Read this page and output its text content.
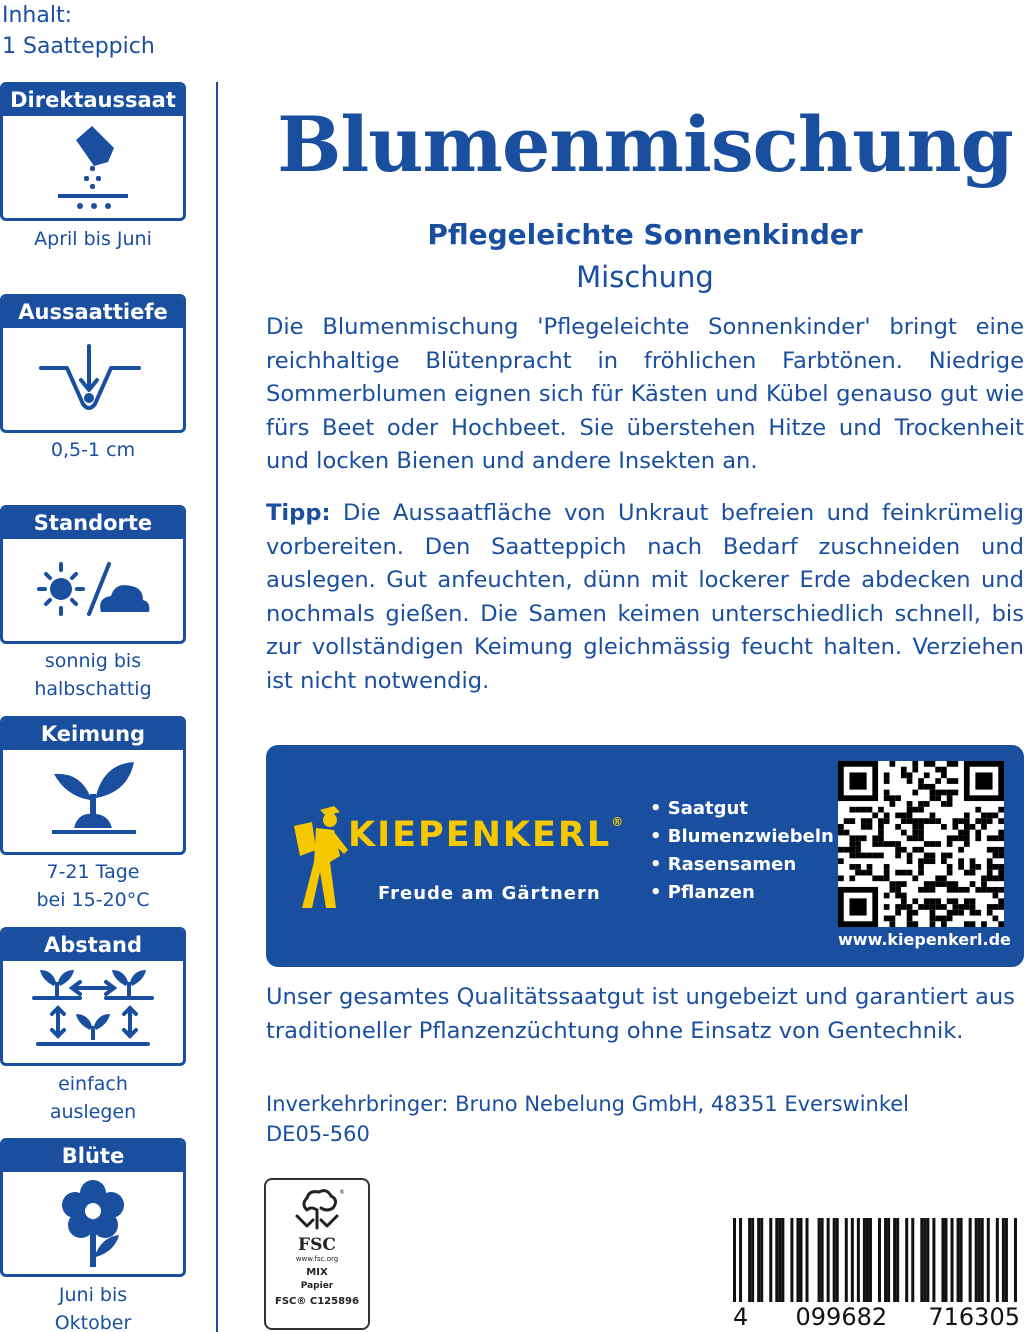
Inhalt:
1 Saatteppich
Direktaussaat
April bis Juni
Aussaattiefe
0,5-1 cm
Standorte
sonnig bis
halbschattig
Keimung
7-21 Tage
bei 15-20°C
Abstand
einfach
auslegen
Blüte
Juni bis
Oktober
Blumenmischung
Pflegeleichte Sonnenkinder
Mischung

Die Blumenmischung 'Pflegeleichte Sonnenkinder' bringt eine reichhaltige Blütenpracht in fröhlichen Farbtönen. Niedrige Sommerblumen eignen sich für Kästen und Kübel genauso gut wie fürs Beet oder Hochbeet. Sie überstehen Hitze und Trockenheit und locken Bienen und andere Insekten an.

Tipp: Die Aussaatfläche von Unkraut befreien und feinkrümelig vorbereiten. Den Saatteppich nach Bedarf zuschneiden und auslegen. Gut anfeuchten, dünn mit lockerer Erde abdecken und nochmals gießen. Die Samen keimen unterschiedlich schnell, bis zur vollständigen Keimung gleichmässig feucht halten. Verziehen ist nicht notwendig.

KIEPENKERL®
Freude am Gärtnern
• Saatgut
• Blumenzwiebeln
• Rasensamen
• Pflanzen
www.kiepenkerl.de
Unser gesamtes Qualitätssaatgut ist ungebeizt und garantiert aus traditioneller Pflanzenzüchtung ohne Einsatz von Gentechnik.
Inverkehrbringer: Bruno Nebelung GmbH, 48351 Everswinkel
DE05-560
®
FSC
www.fsc.org
MIX
Papier
FSC® C125896
4 099682 716305
